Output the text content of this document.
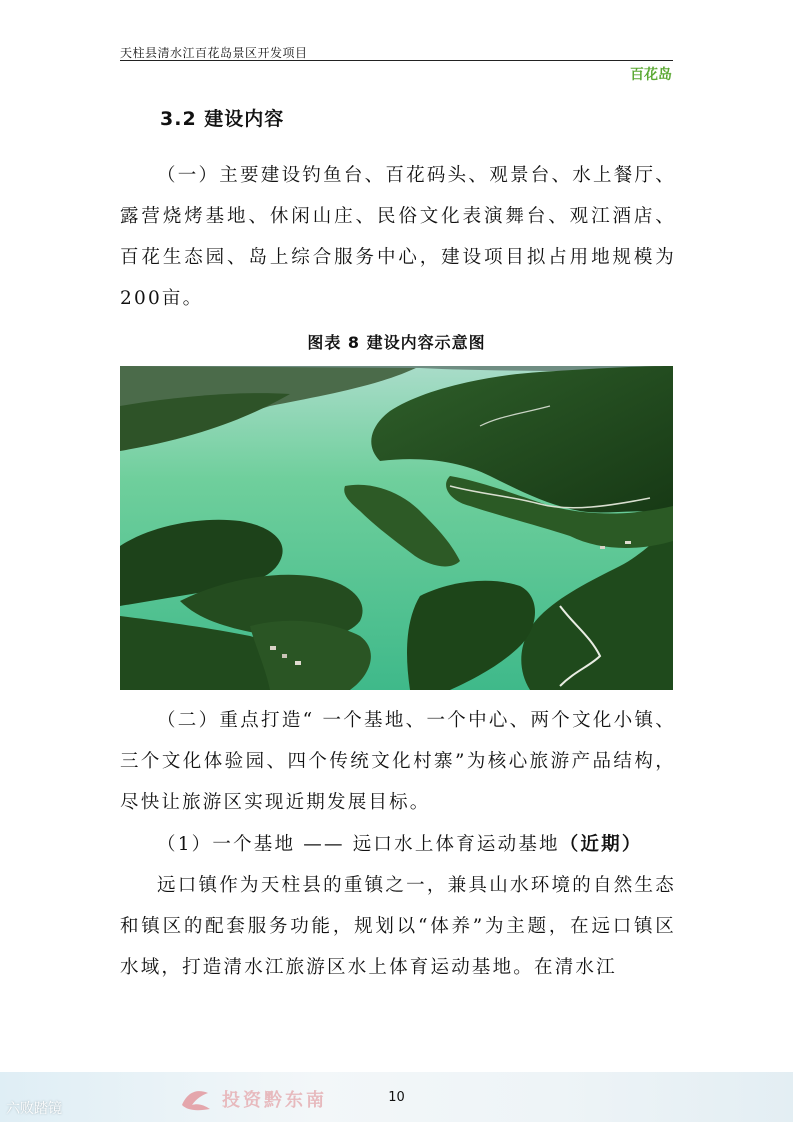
天柱县清水江百花岛景区开发项目
百花岛
3.2 建设内容

（一）主要建设钓鱼台、百花码头、观景台、水上餐厅、露营烧烤基地、休闲山庄、民俗文化表演舞台、观江酒店、百花生态园、岛上综合服务中心，建设项目拟占用地规模为200亩。

图表 8 建设内容示意图

（二）重点打造“ 一个基地、一个中心、两个文化小镇、三个文化体验园、四个传统文化村寨”为核心旅游产品结构，尽快让旅游区实现近期发展目标。

（1）一个基地 —— 远口水上体育运动基地（近期）

远口镇作为天柱县的重镇之一，兼具山水环境的自然生态和镇区的配套服务功能，规划以“体养”为主题，在远口镇区水域，打造清水江旅游区水上体育运动基地。在清水江

投资黔东南	10
六败踏镜
